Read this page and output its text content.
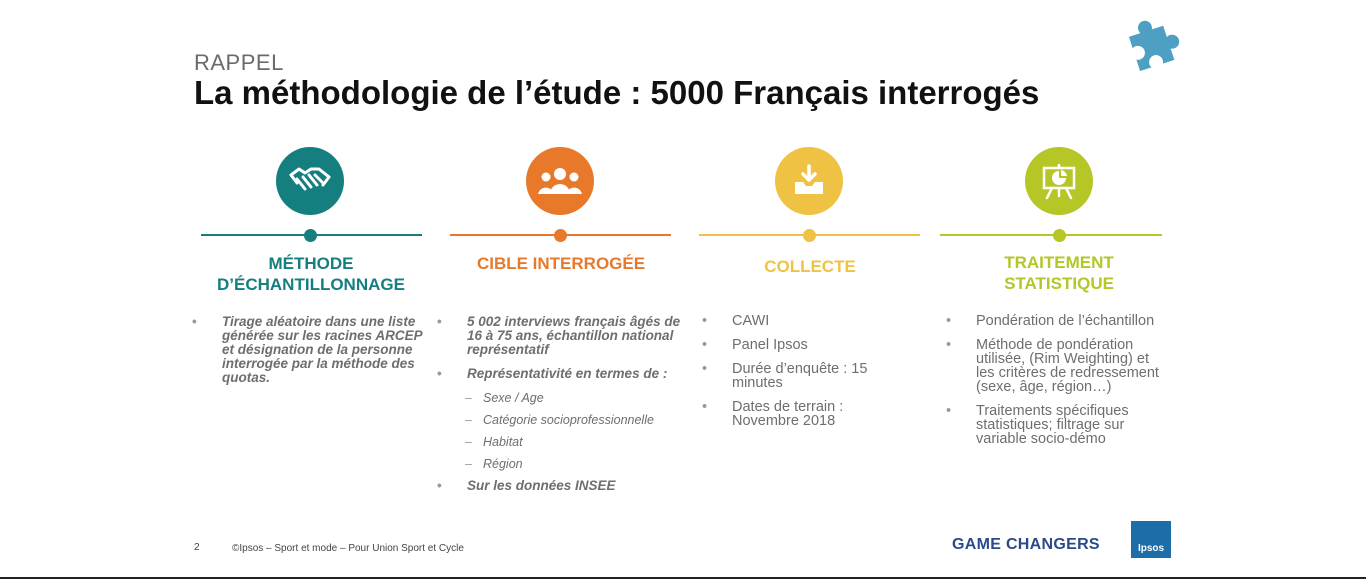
RAPPEL
La méthodologie de l’étude : 5000 Français interrogés
MÉTHODE
D’ÉCHANTILLONNAGE
• Tirage aléatoire dans une liste générée sur les racines ARCEP et désignation de la personne interrogée par la méthode des quotas.
CIBLE INTERROGÉE
• 5 002 interviews français âgés de 16 à 75 ans, échantillon national représentatif
• Représentativité en termes de :
– Sexe / Age
– Catégorie socioprofessionnelle
– Habitat
– Région
• Sur les données INSEE
COLLECTE
• CAWI
• Panel Ipsos
• Durée d’enquête : 15 minutes
• Dates de terrain : Novembre 2018
TRAITEMENT
STATISTIQUE
• Pondération de l’échantillon
• Méthode de pondération utilisée, (Rim Weighting) et les critères de redressement (sexe, âge, région…)
• Traitements spécifiques statistiques; filtrage sur variable socio-démo
2	©Ipsos – Sport et mode – Pour Union Sport et Cycle	GAME CHANGERS	Ipsos
